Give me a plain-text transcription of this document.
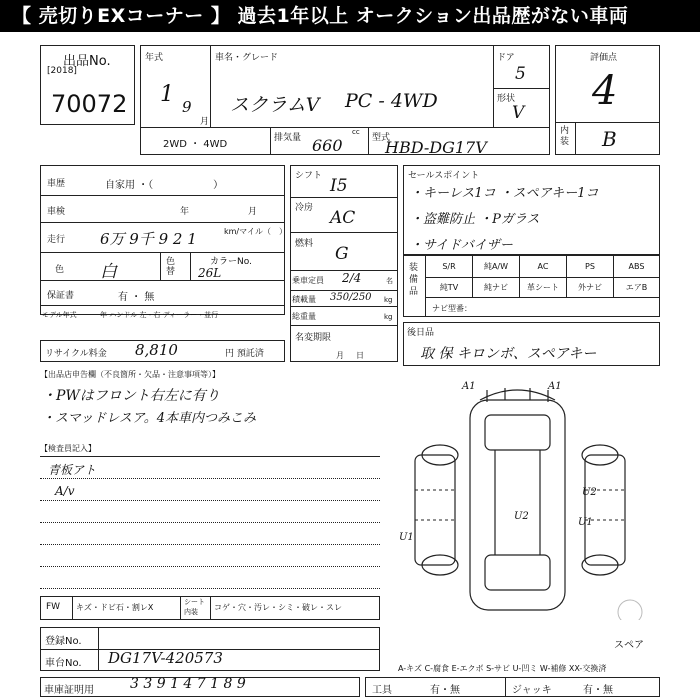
【 売切りEXコーナー 】 過去1年以上 オークション出品歴がない車両
出品No.
[2018]
70072
年式
1 9
月
車名・グレード
スクラムV PC - 4WD
ドア
5
形状
V
2WD ・ 4WD
排気量 660
cc
型式
HBD-DG17V
評価点
4
内装 B
車歴	自家用 ・（　　　　　　）
車検	年	月
走行 6万 9千 9 2 1	km/マイル（　）
色 白	色替
カラーNo.
26L
保証書	有 ・ 無
モデル年式	年 ハンドル 左・右 ディーラー・並行
リサイクル料金 8,810	円 預託済
シフト I5
冷房 AC
燃料 G
乗車定員 2/4	名
積載量 350/250 kg
総重量	kg
名変期限
月日
セールスポイント
・キーレス1コ ・スペアキー1コ
・盗難防止 ・Pガラス
・サイドバイザー
装備品
S/R	純A/W	AC	PS	ABS
純TV	純ナビ	革シート	外ナビ	エアB
ナビ型番：
後日品
取 保 キロンボ、スペアキー
【出品店申告欄（不良箇所・欠品・注意事項等）】
・PWはフロント右左に有り
・スマッドレスア。4本車内つみこみ
【検査員記入】
青板アト
A/v
FW キズ・ドビ石・割レX
シート内装	コゲ・穴・汚レ・シミ・破レ・スレ
登録No.
車台No. DG17V-420573
車庫証明用	3 3 9 1 4 7 1 8 9	工具	有・無	ジャッキ	有・無
A-キズ C-腐食 E-エクボ S-サビ U-凹ミ W-補修 XX-交換済
A1	A1
U2
U2
U1
U1
スペア
